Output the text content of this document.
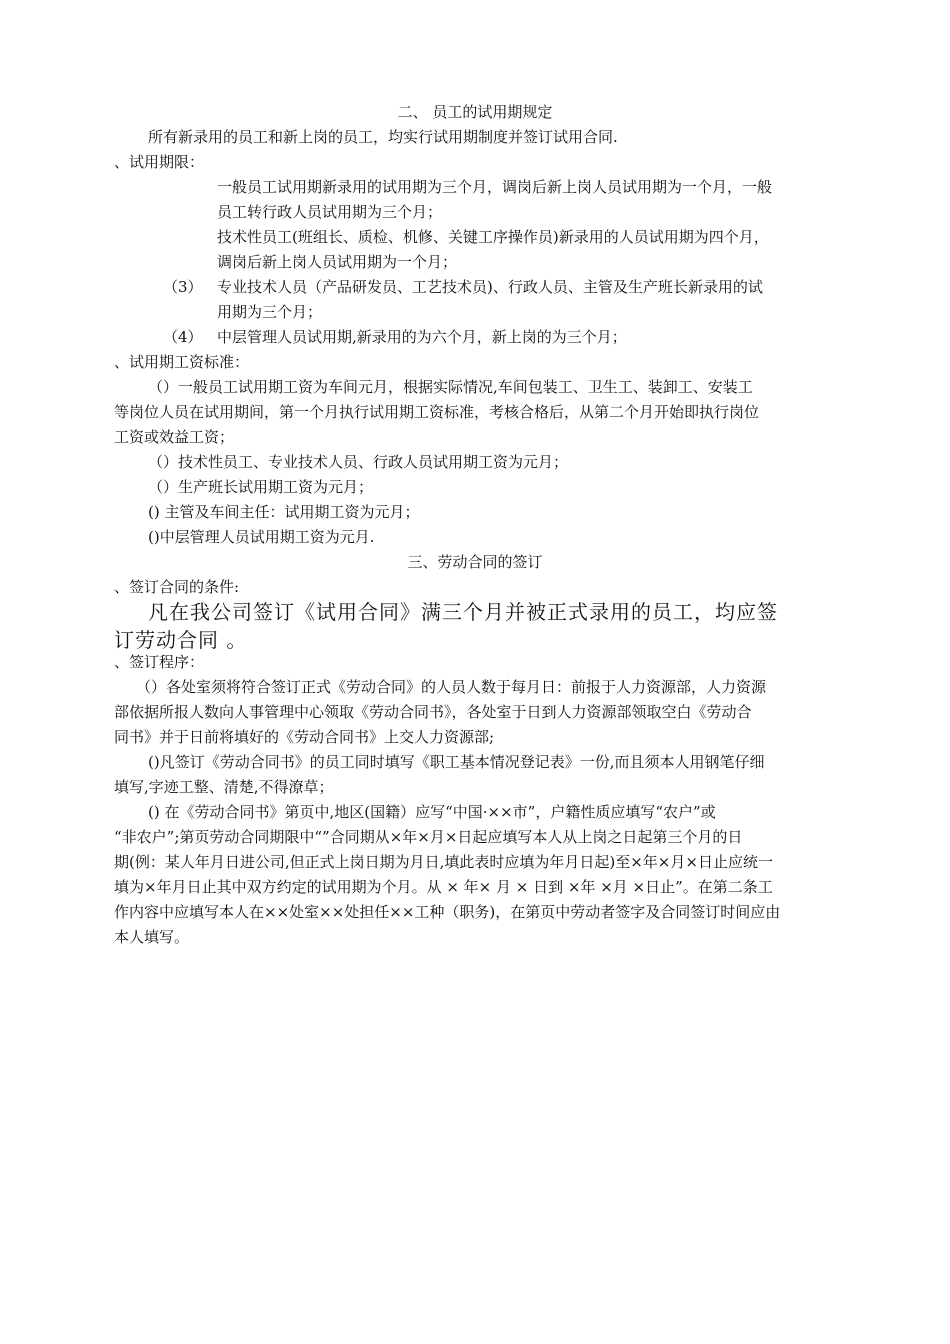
二、 员工的试用期规定
所有新录用的员工和新上岗的员工，均实行试用期制度并签订试用合同.
、试用期限：
一般员工试用期新录用的试用期为三个月，调岗后新上岗人员试用期为一个月，一般
员工转行政人员试用期为三个月；
技术性员工(班组长、质检、机修、关键工序操作员)新录用的人员试用期为四个月，
调岗后新上岗人员试用期为一个月；
（3） 专业技术人员（产品研发员、工艺技术员)、行政人员、主管及生产班长新录用的试
用期为三个月；
（4） 中层管理人员试用期,新录用的为六个月，新上岗的为三个月；
、试用期工资标准：
（）一般员工试用期工资为车间元月，根据实际情况,车间包装工、卫生工、装卸工、安装工
等岗位人员在试用期间，第一个月执行试用期工资标准，考核合格后，从第二个月开始即执行岗位
工资或效益工资；
（）技术性员工、专业技术人员、行政人员试用期工资为元月；
（）生产班长试用期工资为元月；
() 主管及车间主任：试用期工资为元月；
()中层管理人员试用期工资为元月.
三、劳动合同的签订
、签订合同的条件:
凡在我公司签订《试用合同》满三个月并被正式录用的员工，均应签
订劳动合同 。
、签订程序：
（）各处室须将符合签订正式《劳动合同》的人员人数于每月日：前报于人力资源部，人力资源
部依据所报人数向人事管理中心领取《劳动合同书》，各处室于日到人力资源部领取空白《劳动合
同书》并于日前将填好的《劳动合同书》上交人力资源部;
()凡签订《劳动合同书》的员工同时填写《职工基本情况登记表》一份,而且须本人用钢笔仔细
填写,字迹工整、清楚,不得潦草；
() 在《劳动合同书》第页中,地区(国籍）应写“中国·××市”，户籍性质应填写“农户”或
“非农户”;第页劳动合同期限中“”合同期从×年×月×日起应填写本人从上岗之日起第三个月的日
期(例：某人年月日进公司,但正式上岗日期为月日,填此表时应填为年月日起)至×年×月×日止应统一
填为×年月日止其中双方约定的试用期为个月。从 × 年× 月 × 日到 ×年 ×月 ×日止”。在第二条工
作内容中应填写本人在××处室××处担任××工种（职务)，在第页中劳动者签字及合同签订时间应由
本人填写。
